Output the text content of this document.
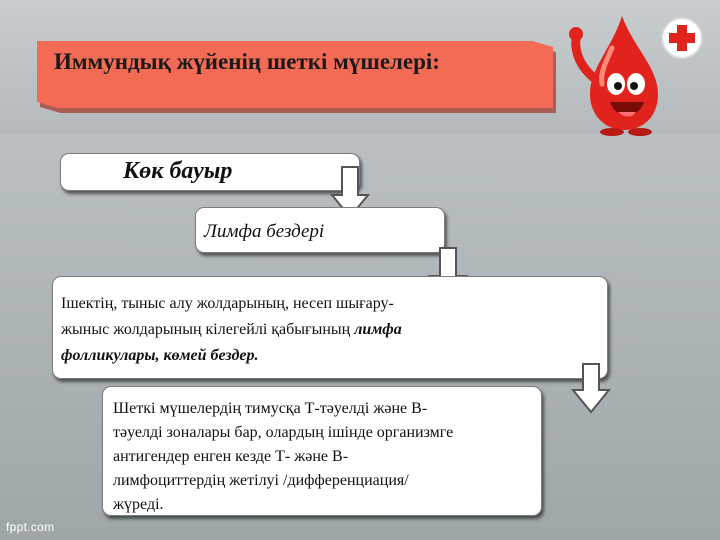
Иммундық жүйенің шеткі мүшелері:
Көк бауыр
Лимфа бездері
Ішектің, тыныс алу жолдарының, несеп шығару-
жыныс жолдарының кілегейлі қабығының лимфа
фолликулары, көмей бездер.
Шеткі мүшелердің тимусқа Т-тәуелді және В-
тәуелді зоналары бар, олардың ішінде организмге
антигендер енген кезде Т- және В-
лимфоциттердің жетілуі /дифференциация/
жүреді.
fppt.com
